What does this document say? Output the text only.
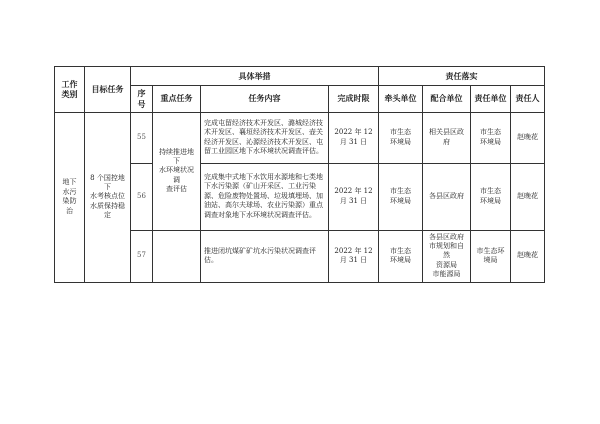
工作
类别	目标任务	具体举措				责任落实			
		序号	重点任务	任务内容	完成时限	牵头单位	配合单位	责任单位	责任人
地下
水污
染防
治	8 个国控地下
水考核点位
水质保持稳
定	55	持续推进地下
水环境状况调
查评估	完成屯留经济技术开发区、潞城经济技术开发区、襄垣经济技术开发区、壶关经济开发区、沁源经济技术开发区、屯留工业园区地下水环境状况调查评估。	2022 年 12 月 31 日	市生态
环境局	相关县区政府	市生态
环境局	赵晚花
		56		完成集中式地下水饮用水源地和七类地下水污染源（矿山开采区、工业污染源、危险废物处置场、垃圾填埋场、加油站、高尔夫球场、农业污染源）重点调查对象地下水环境状况调查评估。	2022 年 12 月 31 日	市生态
环境局	各县区政府	市生态
环境局	赵晚花
		57		推进闭坑煤矿矿坑水污染状况调查评估。	2022 年 12 月 31 日	市生态
环境局	各县区政府
市规划和自然
资源局
市能源局	市生态环境局	赵晚花
